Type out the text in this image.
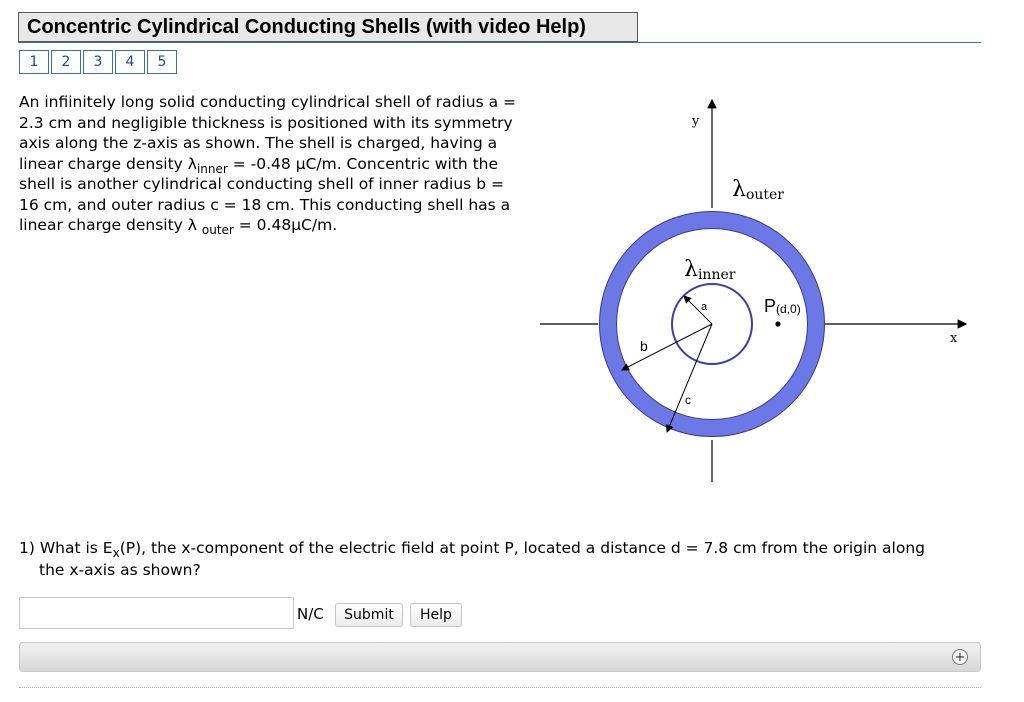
Concentric Cylindrical Conducting Shells (with video Help)
1	2	3	4	5
An infiinitely long solid conducting cylindrical shell of radius a =
2.3 cm and negligible thickness is positioned with its symmetry
axis along the z-axis as shown. The shell is charged, having a
linear charge density $\lambda_{inner} = -0.48$ μC/m. Concentric with the
shell is another cylindrical conducting shell of inner radius b =
16 cm, and outer radius c = 18 cm. This conducting shell has a
linear charge density λ $_{outer}$ = 0.48μC/m.
y
x
λouter
λinner
P(d,0)
a
b
c
1) What is $E_x(P)$, the x-component of the electric field at point P, located a distance d = 7.8 cm from the origin along
the x-axis as shown?
N/C	Submit	Help
+
